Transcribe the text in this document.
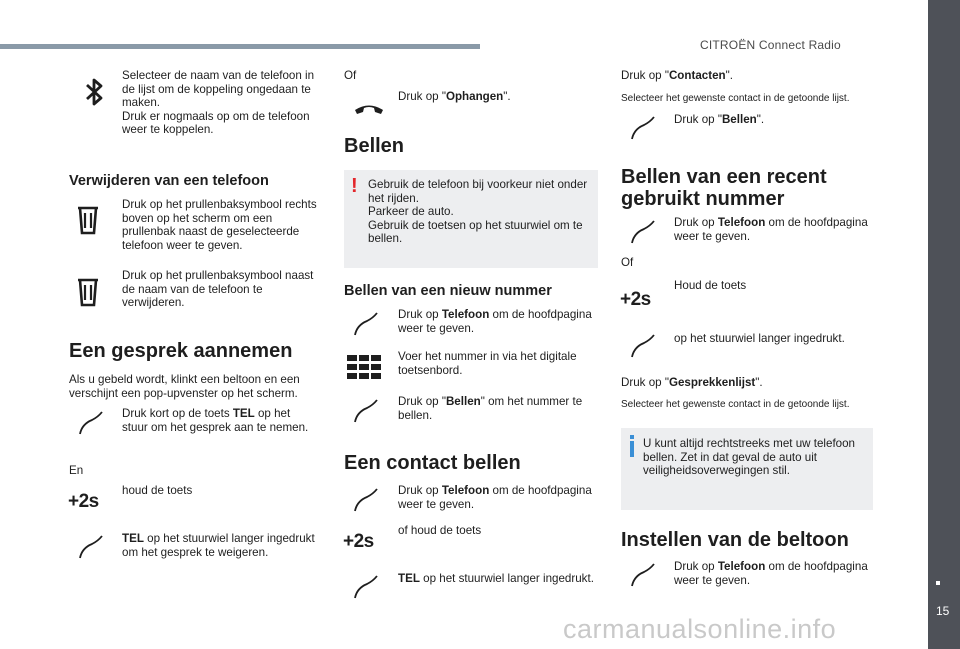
CITROËN Connect Radio
15
carmanualsonline.info
Selecteer de naam van de telefoon in de lijst om de koppeling ongedaan te maken.
Druk er nogmaals op om de telefoon weer te koppelen.
Verwijderen van een telefoon
Druk op het prullenbaksymbool rechts boven op het scherm om een prullenbak naast de geselecteerde telefoon weer te geven.
Druk op het prullenbaksymbool naast de naam van de telefoon te verwijderen.
Een gesprek aannemen
Als u gebeld wordt, klinkt een beltoon en een verschijnt een pop-upvenster op het scherm.
Druk kort op de toets TEL op het stuur om het gesprek aan te nemen.
En
+2s
houd de toets
TEL op het stuurwiel langer ingedrukt om het gesprek te weigeren.
Of
Druk op "Ophangen".
Bellen
! Gebruik de telefoon bij voorkeur niet onder het rijden.
Parkeer de auto.
Gebruik de toetsen op het stuurwiel om te bellen.
Bellen van een nieuw nummer
Druk op Telefoon om de hoofdpagina weer te geven.
Voer het nummer in via het digitale toetsenbord.
Druk op "Bellen" om het nummer te bellen.
Een contact bellen
Druk op Telefoon om de hoofdpagina weer te geven.
+2s
of houd de toets
TEL op het stuurwiel langer ingedrukt.
Druk op "Contacten".
Selecteer het gewenste contact in de getoonde lijst.
Druk op "Bellen".
Bellen van een recent gebruikt nummer
Druk op Telefoon om de hoofdpagina weer te geven.
Of
+2s
Houd de toets
op het stuurwiel langer ingedrukt.
Druk op "Gesprekkenlijst".
Selecteer het gewenste contact in de getoonde lijst.
U kunt altijd rechtstreeks met uw telefoon bellen. Zet in dat geval de auto uit veiligheidsoverwegingen stil.
Instellen van de beltoon
Druk op Telefoon om de hoofdpagina weer te geven.
